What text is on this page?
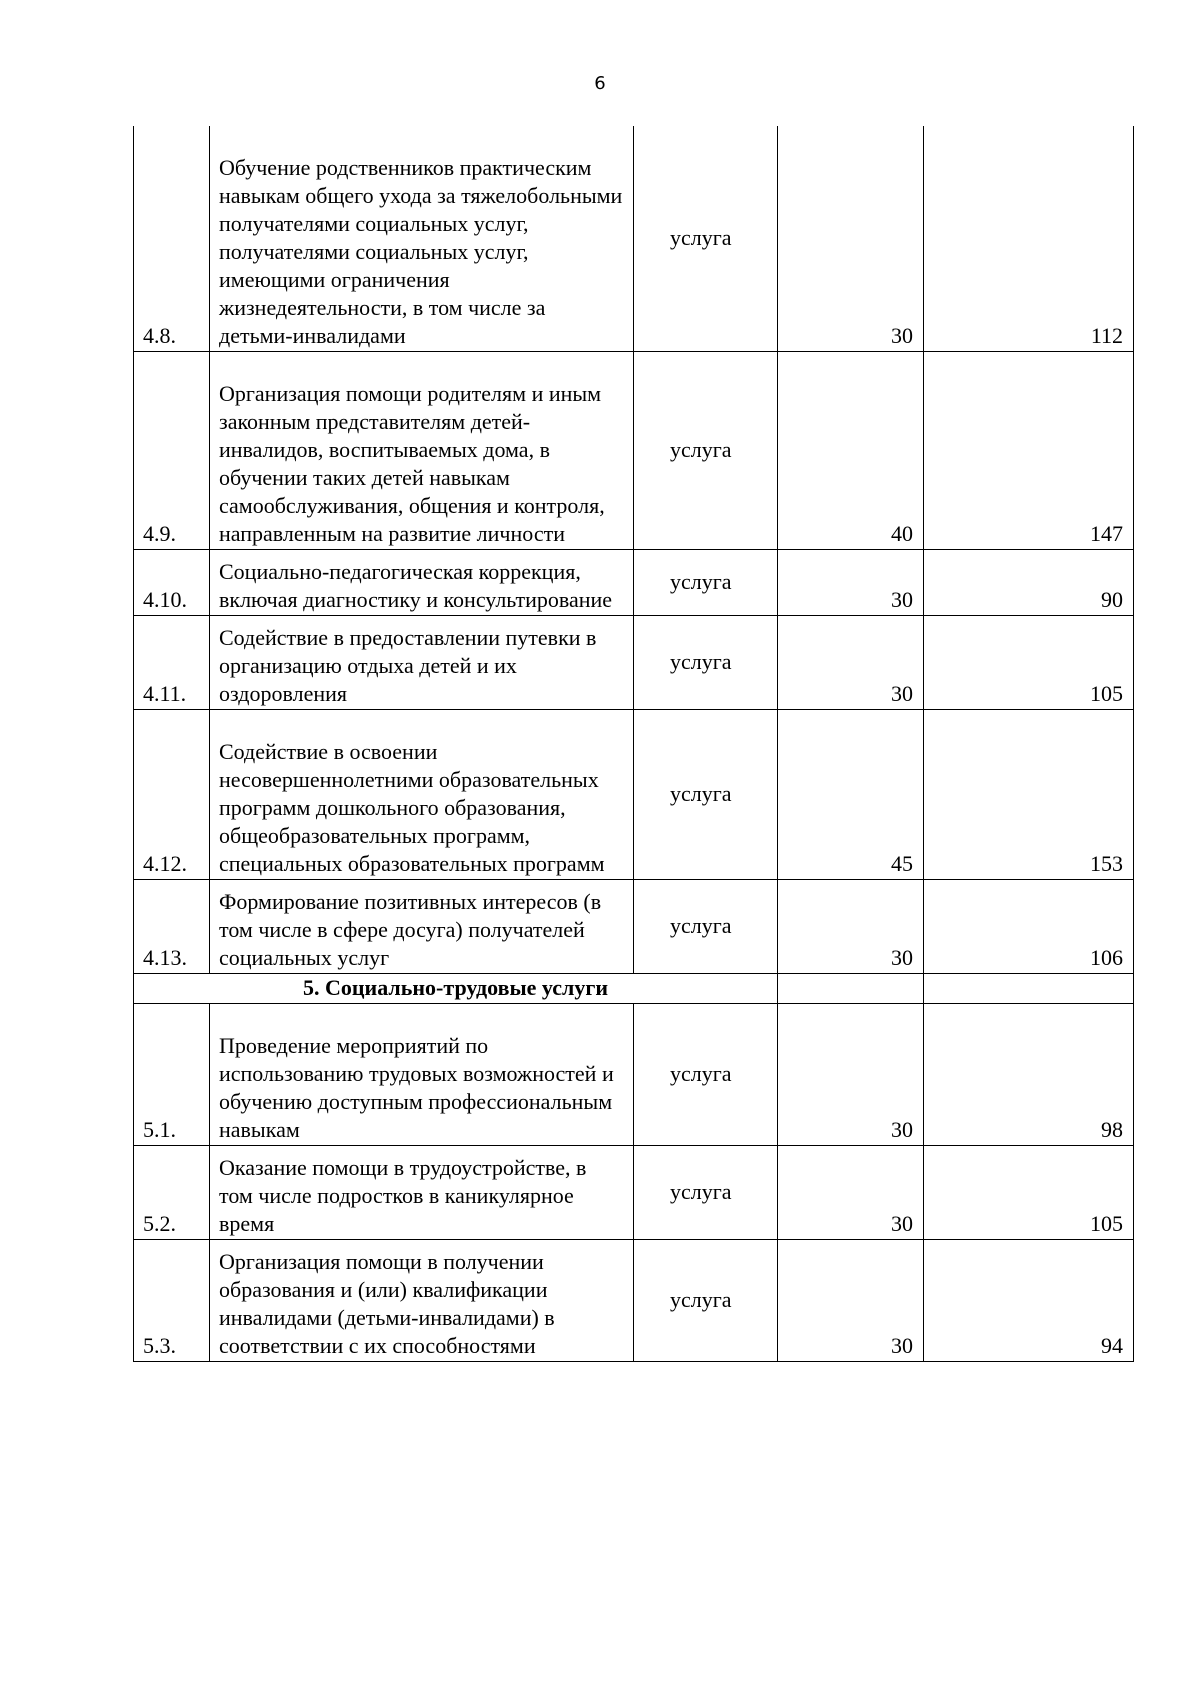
6
4.8.	Обучение родственников практическим навыкам общего ухода за тяжелобольными получателями социальных услуг, получателями социальных услуг, имеющими ограничения жизнедеятельности, в том числе за детьми-инвалидами	услуга	30	112
4.9.	Организация помощи родителям и иным законным представителям детей-инвалидов, воспитываемых дома, в обучении таких детей навыкам самообслуживания, общения и контроля, направленным на развитие личности	услуга	40	147
4.10.	Социально-педагогическая коррекция, включая диагностику и консультирование	услуга	30	90
4.11.	Содействие в предоставлении путевки в организацию отдыха детей и их оздоровления	услуга	30	105
4.12.	Содействие в освоении несовершеннолетними образовательных программ дошкольного образования, общеобразовательных программ, специальных образовательных программ	услуга	45	153
4.13.	Формирование позитивных интересов (в том числе в сфере досуга) получателей социальных услуг	услуга	30	106
5. Социально-трудовые услуги				
5.1.	Проведение мероприятий по использованию трудовых возможностей и обучению доступным профессиональным навыкам	услуга	30	98
5.2.	Оказание помощи в трудоустройстве, в том числе подростков в каникулярное время	услуга	30	105
5.3.	Организация помощи в получении образования и (или) квалификации инвалидами (детьми-инвалидами) в соответствии с их способностями	услуга	30	94
